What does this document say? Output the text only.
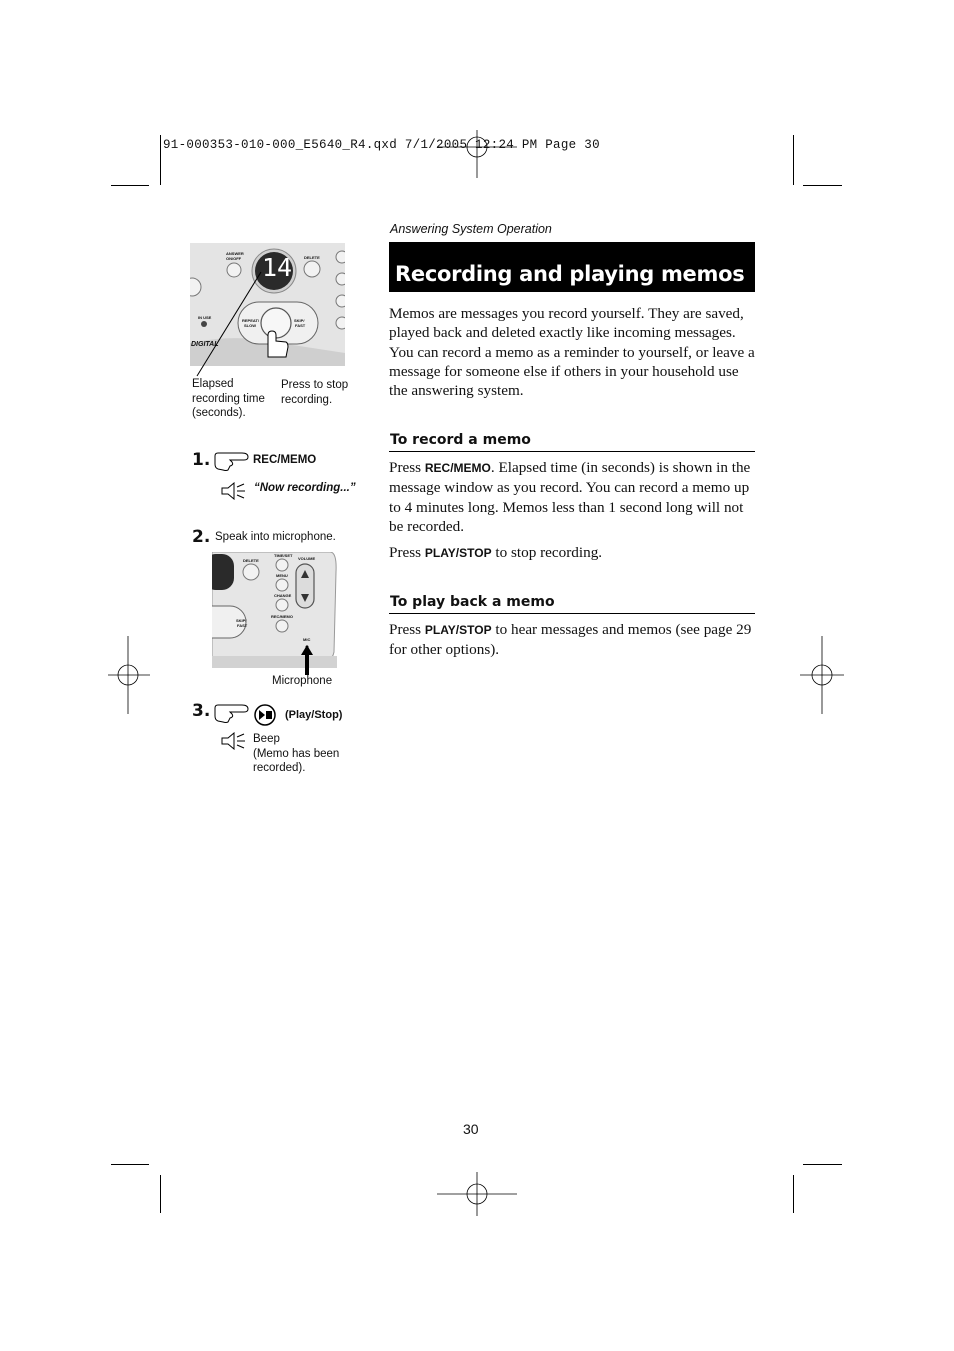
91-000353-010-000_E5640_R4.qxd 7/1/2005 12:24 PM Page 30
Answering System Operation
Recording and playing memos
Memos are messages you record yourself. They are saved, played back and deleted exactly like incoming messages. You can record a memo as a reminder to yourself, or leave a message for someone else if others in your household use the answering system.
To record a memo
Press REC/MEMO. Elapsed time (in seconds) is shown in the message window as you record. You can record a memo up to 4 minutes long. Memos less than 1 second long will not be recorded.
Press PLAY/STOP to stop recording.
To play back a memo
Press PLAY/STOP to hear messages and memos (see page 29 for other options).
14
ANSWER
ON/OFF	DELETE
REPEAT/
SLOW
SKIP/
FAST
IN USE
DIGITAL
Elapsed
recording time
(seconds).
Press to stop
recording.
1.	REC/MEMO
“Now recording...”
2. Speak into microphone.
DELETE
TIME/SET
VOLUME
MENU
CHANGE
REC/MEMO
MIC
SKIP/
FAST
Microphone
3.	(Play/Stop)
Beep
(Memo has been
recorded).
30
